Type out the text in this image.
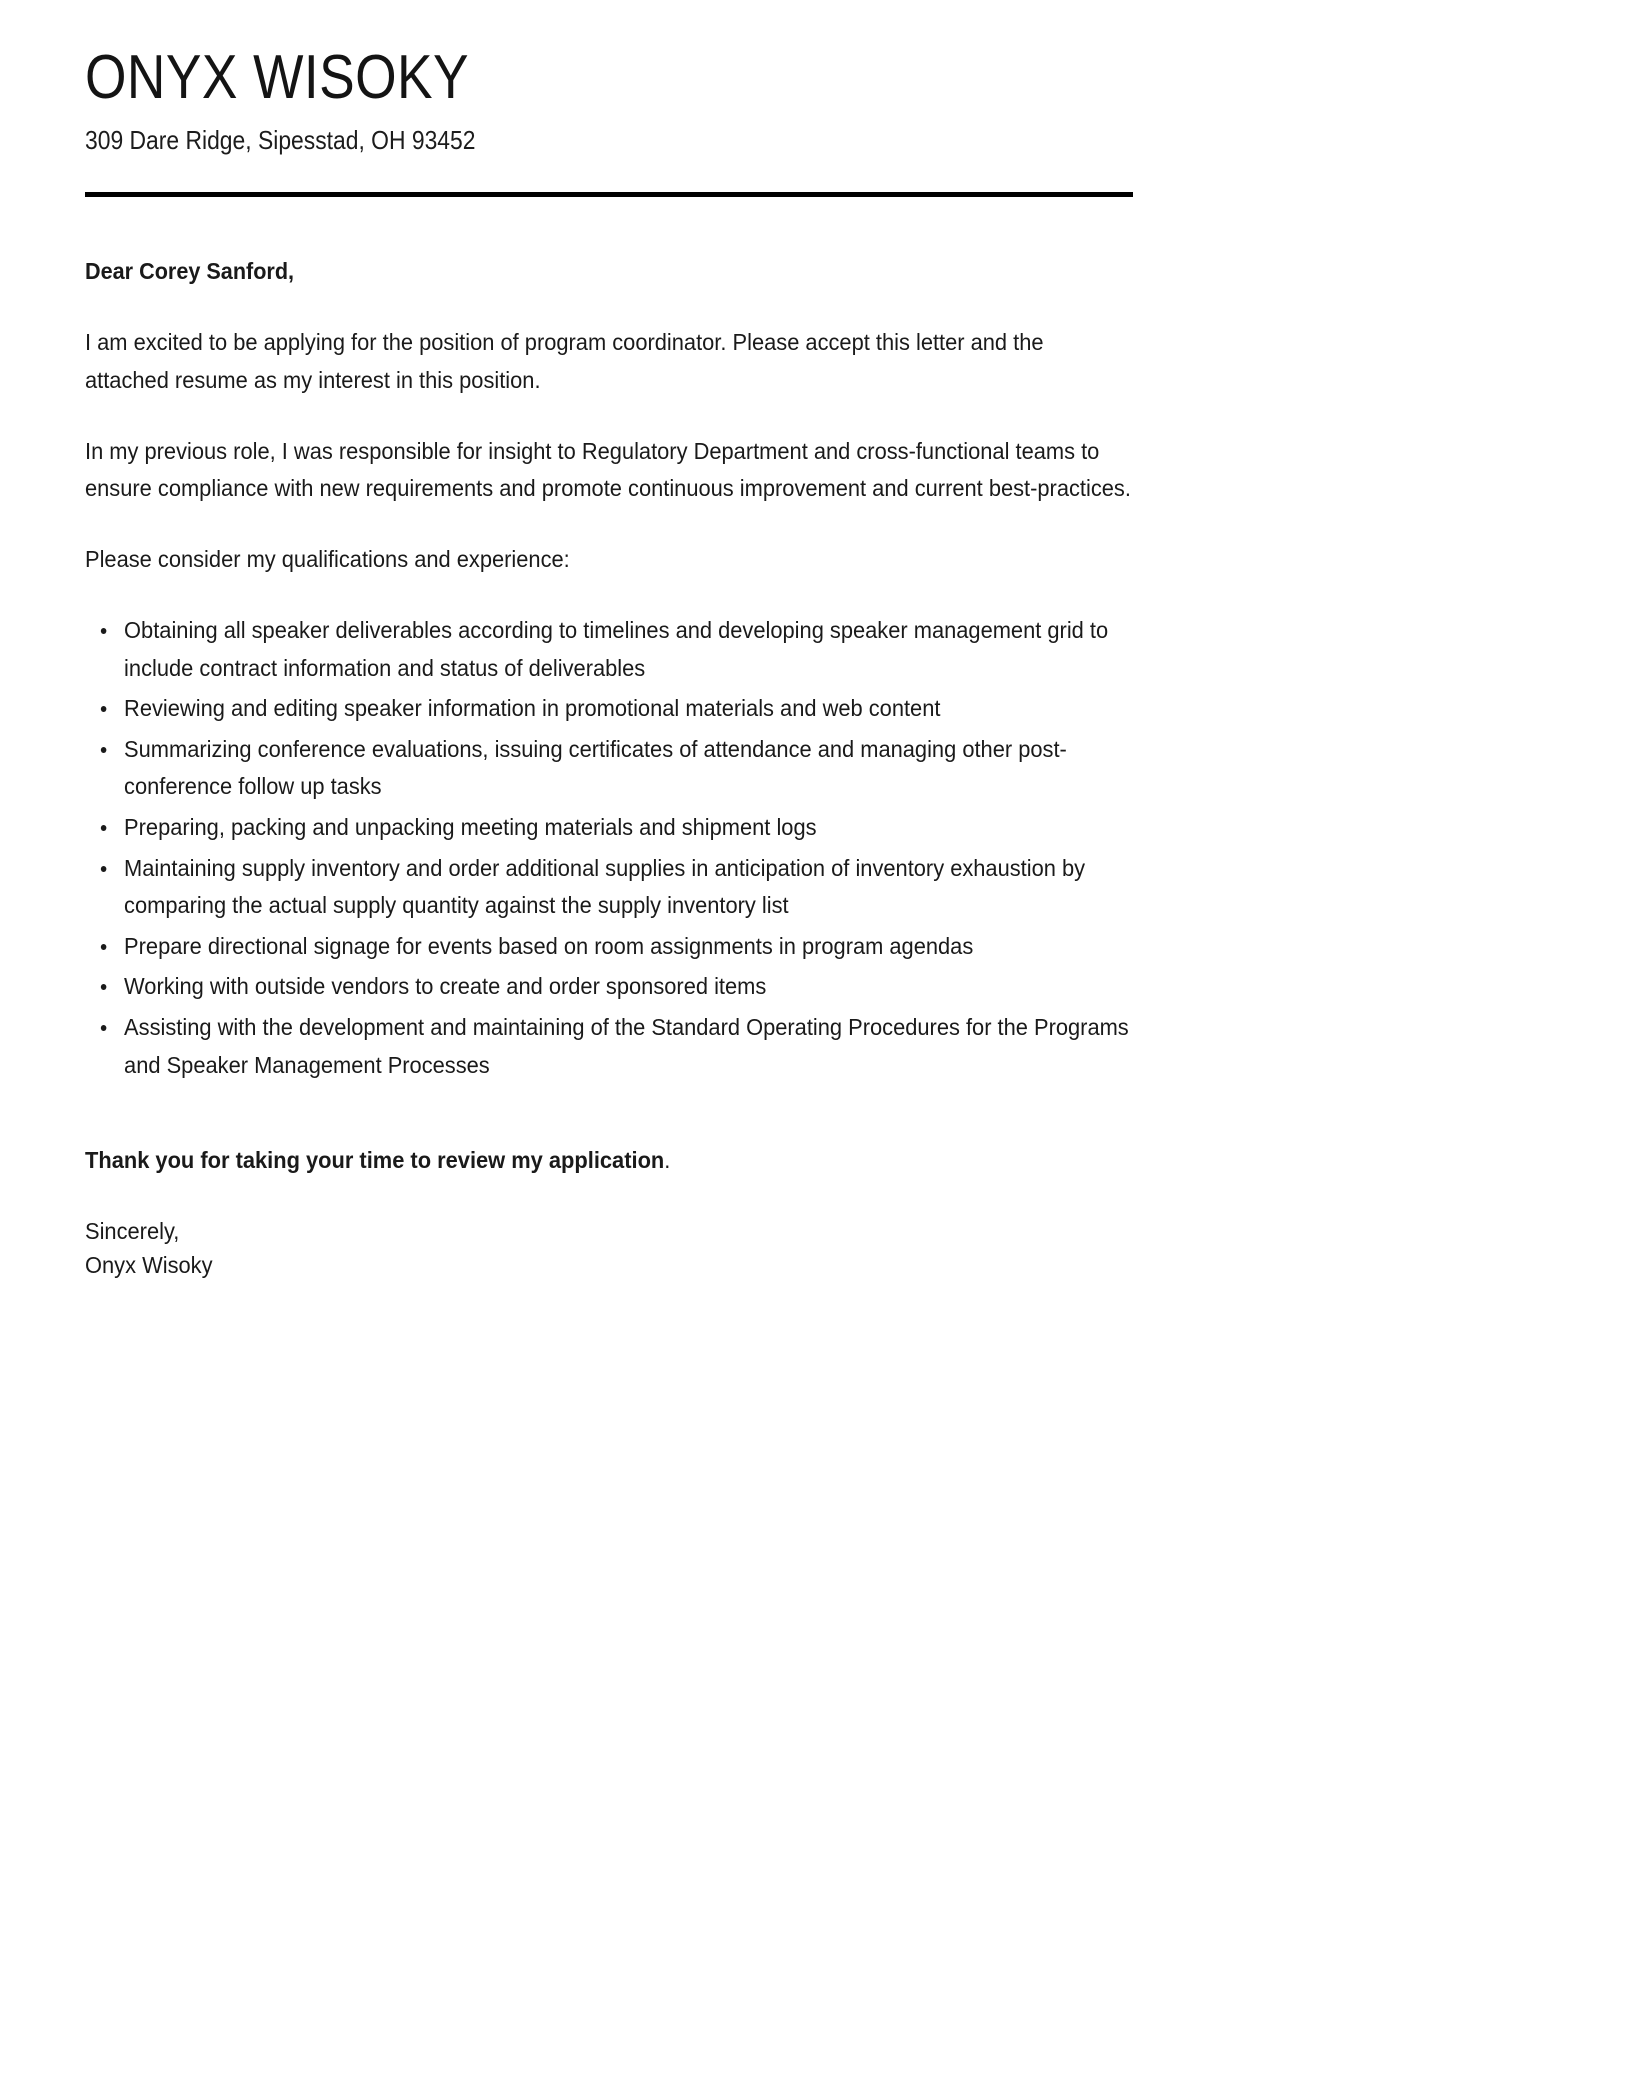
ONYX WISOKY
309 Dare Ridge, Sipesstad, OH 93452

Dear Corey Sanford,

I am excited to be applying for the position of program coordinator. Please accept this letter and the attached resume as my interest in this position.

In my previous role, I was responsible for insight to Regulatory Department and cross-functional teams to ensure compliance with new requirements and promote continuous improvement and current best-practices.

Please consider my qualifications and experience:

Obtaining all speaker deliverables according to timelines and developing speaker management grid to include contract information and status of deliverables
Reviewing and editing speaker information in promotional materials and web content
Summarizing conference evaluations, issuing certificates of attendance and managing other post-conference follow up tasks
Preparing, packing and unpacking meeting materials and shipment logs
Maintaining supply inventory and order additional supplies in anticipation of inventory exhaustion by comparing the actual supply quantity against the supply inventory list
Prepare directional signage for events based on room assignments in program agendas
Working with outside vendors to create and order sponsored items
Assisting with the development and maintaining of the Standard Operating Procedures for the Programs and Speaker Management Processes
Thank you for taking your time to review my application.
Sincerely,
Onyx Wisoky
